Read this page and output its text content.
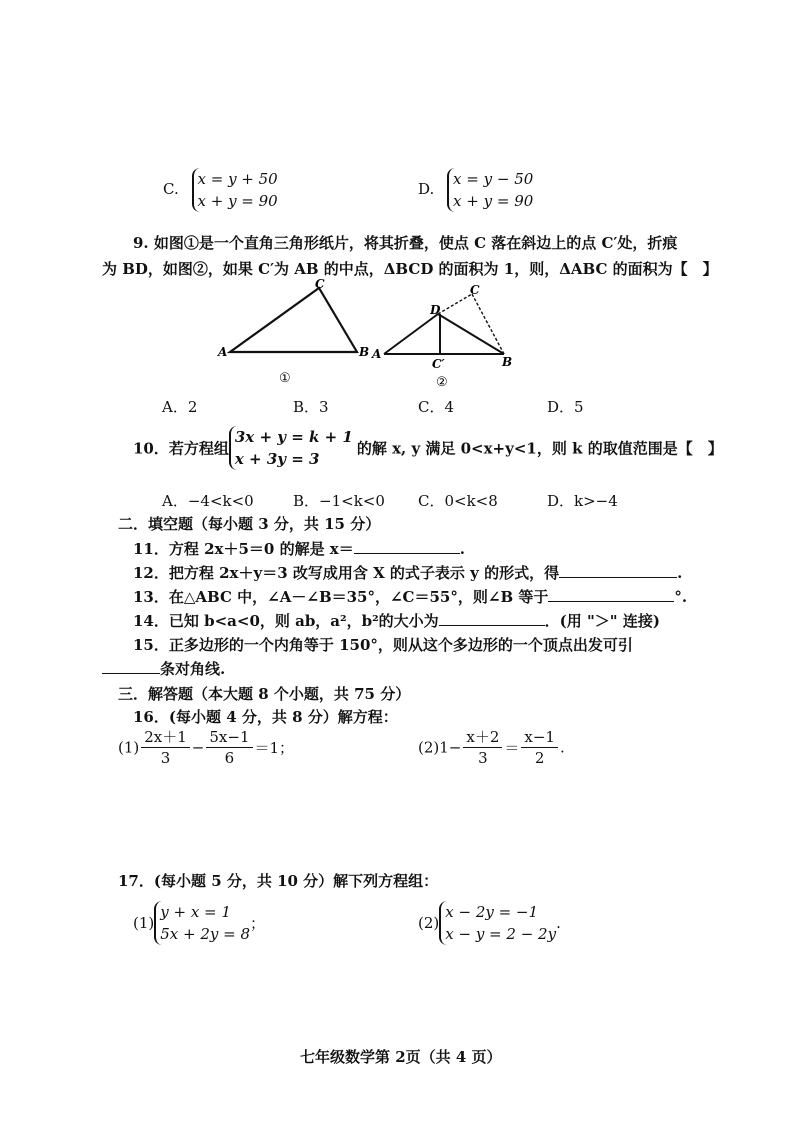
C.
x = y + 50
x + y = 90
D.
x = y − 50
x + y = 90
9. 如图①是一个直角三角形纸片，将其折叠，使点 C 落在斜边上的点 C′处，折痕
为 BD，如图②，如果 C′为 AB 的中点，ΔBCD 的面积为 1，则，ΔABC 的面积为【　】
C
A	B
①
C
D
A
B
C′
②
A．2	B．3	C．4	D．5
10．若方程组
3x + y = k + 1
x + 3y = 3
的解 x, y 满足 0<x+y<1，则 k 的取值范围是【　】
A．−4<k<0	B．−1<k<0 C．0<k<8	D．k>−4
二．填空题（每小题 3 分，共 15 分）
11．方程 2x＋5＝0 的解是 x＝	.
12．把方程 2x＋y＝3 改写成用含 X 的式子表示 y 的形式，得	.
13．在△ABC 中，∠A－∠B＝35°，∠C＝55°，则∠B 等于	°.
14．已知 b<a<0，则 ab，a²，b²的大小为	．(用 "＞" 连接)
15．正多边形的一个内角等于 150°，则从这个多边形的一个顶点出发可引
条对角线.
三．解答题（本大题 8 个小题，共 75 分）
16．(每小题 4 分，共 8 分）解方程：
$(1) \frac{2x+1}{3} - \frac{5x-1}{6} =1$；	$(2)1- \frac{x+2}{3} = \frac{x-1}{2}$ .
17．(每小题 5 分，共 10 分）解下列方程组：
(1)
y + x = 1
5x + 2y = 8
；	(2)
x − 2y = −1
x − y = 2 − 2y
.
七年级数学第 2页（共 4 页）
